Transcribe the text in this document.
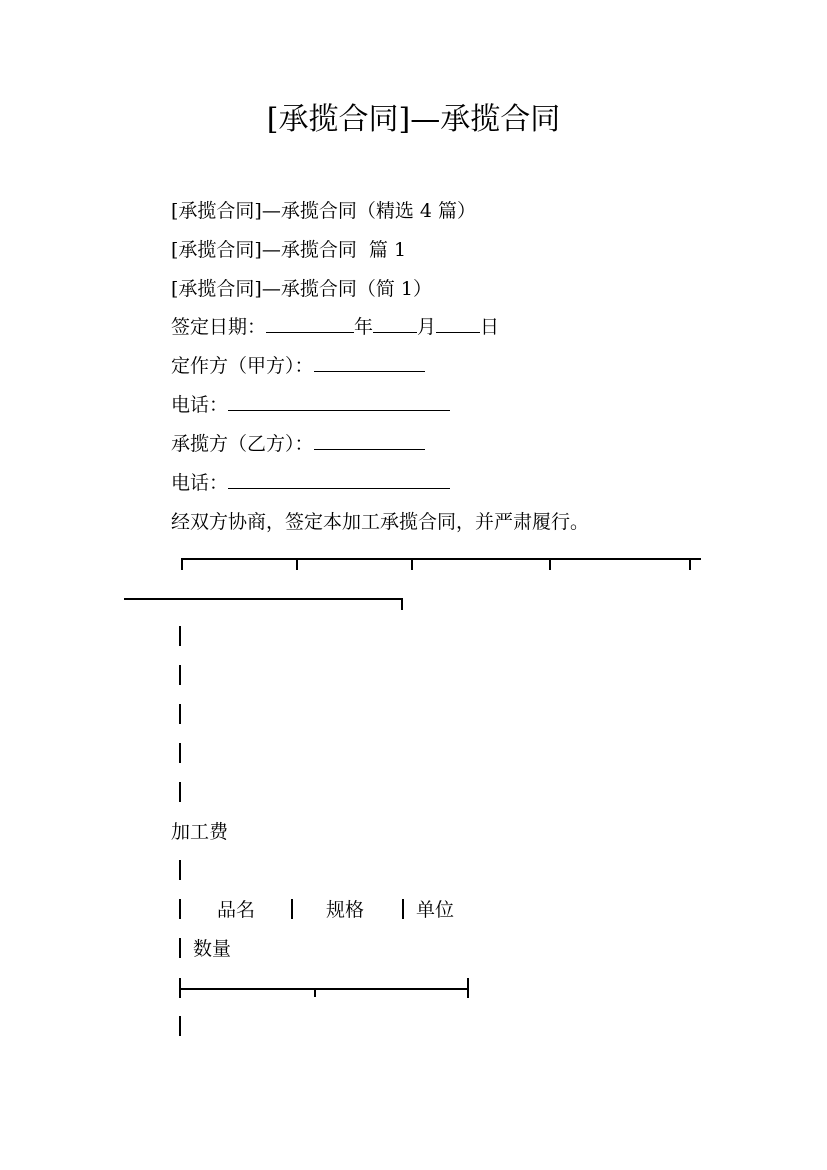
[承揽合同]—承揽合同
[承揽合同]—承揽合同（精选 4 篇）
[承揽合同]—承揽合同  篇 1
[承揽合同]—承揽合同（简 1）
签定日期：	年 月 日
定作方（甲方）：
电话：
承揽方（乙方）：
电话：
经双方协商，签定本加工承揽合同，并严肃履行。
加工费
品名	规格	单位
数量
